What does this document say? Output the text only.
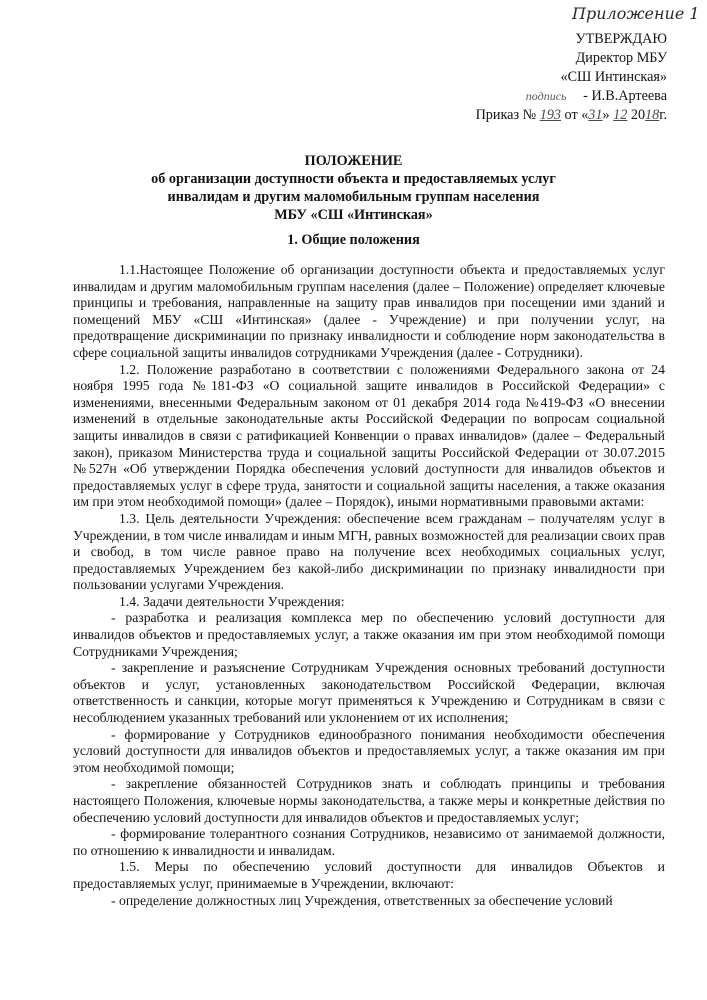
Приложение 1
УТВЕРЖДАЮ
Директор МБУ
«СШ Интинская»
подпись - И.В.Артеева
Приказ № 193 от «31» 12 2018г.
ПОЛОЖЕНИЕ
об организации доступности объекта и предоставляемых услуг
инвалидам и другим маломобильным группам населения
МБУ «СШ «Интинская»
1. Общие положения

1.1.Настоящее Положение об организации доступности объекта и предоставляемых услуг инвалидам и другим маломобильным группам населения (далее – Положение) определяет ключевые принципы и требования, направленные на защиту прав инвалидов при посещении ими зданий и помещений МБУ «СШ «Интинская» (далее - Учреждение) и при получении услуг, на предотвращение дискриминации по признаку инвалидности и соблюдение норм законодательства в сфере социальной защиты инвалидов сотрудниками Учреждения (далее - Сотрудники).

1.2. Положение разработано в соответствии с положениями Федерального закона от 24 ноября 1995 года №181-ФЗ «О социальной защите инвалидов в Российской Федерации» с изменениями, внесенными Федеральным законом от 01 декабря 2014 года №419-ФЗ «О внесении изменений в отдельные законодательные акты Российской Федерации по вопросам социальной защиты инвалидов в связи с ратификацией Конвенции о правах инвалидов» (далее – Федеральный закон), приказом Министерства труда и социальной защиты Российской Федерации от 30.07.2015 №527н «Об утверждении Порядка обеспечения условий доступности для инвалидов объектов и предоставляемых услуг в сфере труда, занятости и социальной защиты населения, а также оказания им при этом необходимой помощи» (далее – Порядок), иными нормативными правовыми актами:

1.3. Цель деятельности Учреждения: обеспечение всем гражданам – получателям услуг в Учреждении, в том числе инвалидам и иным МГН, равных возможностей для реализации своих прав и свобод, в том числе равное право на получение всех необходимых социальных услуг, предоставляемых Учреждением без какой-либо дискриминации по признаку инвалидности при пользовании услугами Учреждения.

1.4. Задачи деятельности Учреждения:

- разработка и реализация комплекса мер по обеспечению условий доступности для инвалидов объектов и предоставляемых услуг, а также оказания им при этом необходимой помощи Сотрудниками Учреждения;

- закрепление и разъяснение Сотрудникам Учреждения основных требований доступности объектов и услуг, установленных законодательством Российской Федерации, включая ответственность и санкции, которые могут применяться к Учреждению и Сотрудникам в связи с несоблюдением указанных требований или уклонением от их исполнения;

- формирование у Сотрудников единообразного понимания необходимости обеспечения условий доступности для инвалидов объектов и предоставляемых услуг, а также оказания им при этом необходимой помощи;

- закрепление обязанностей Сотрудников знать и соблюдать принципы и требования настоящего Положения, ключевые нормы законодательства, а также меры и конкретные действия по обеспечению условий доступности для инвалидов объектов и предоставляемых услуг;

- формирование толерантного сознания Сотрудников, независимо от занимаемой должности, по отношению к инвалидности и инвалидам.

1.5. Меры по обеспечению условий доступности для инвалидов Объектов и предоставляемых услуг, принимаемые в Учреждении, включают:

- определение должностных лиц Учреждения, ответственных за обеспечение условий
